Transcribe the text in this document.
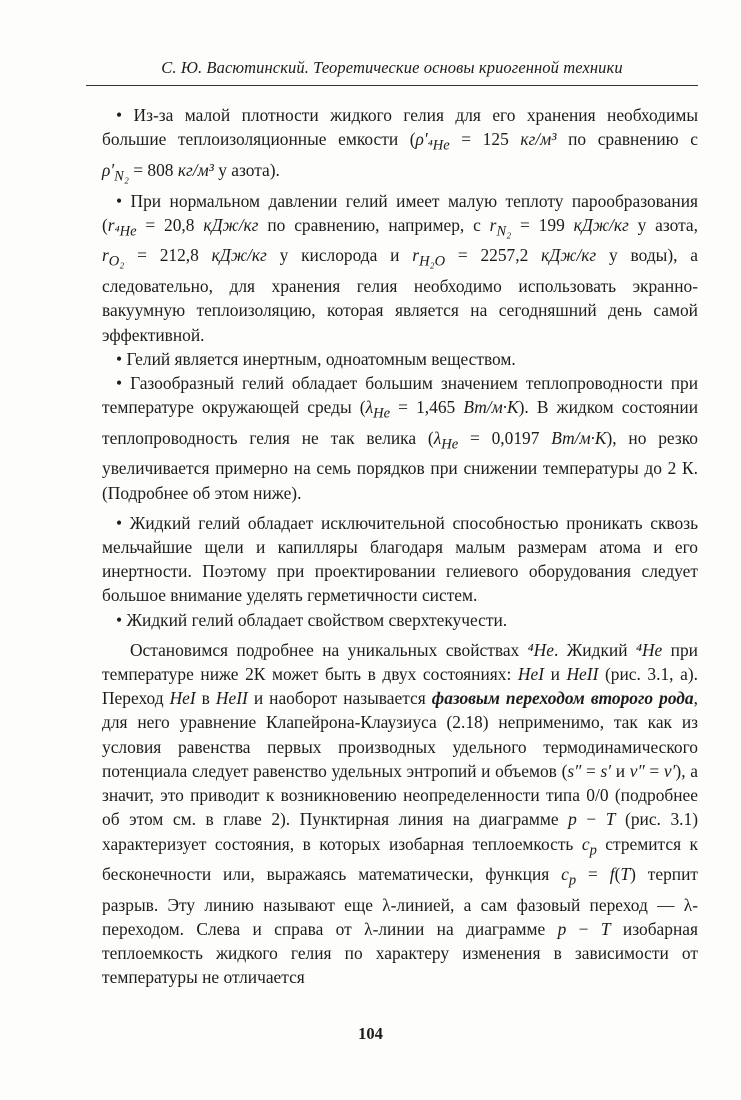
С. Ю. Васютинский. Теоретические основы криогенной техники

• Из-за малой плотности жидкого гелия для его хранения необходимы большие теплоизоляционные емкости ($\rho'_{^4He} = 125$ кг/м³ по сравнению с $\rho'_{N_2} = 808$ кг/м³ у азота).

• При нормальном давлении гелий имеет малую теплоту парообразования ($r_{^4He} = 20,8$ кДж/кг по сравнению, например, с $r_{N_2} = 199$ кДж/кг у азота, $r_{O_2} = 212,8$ кДж/кг у кислорода и $r_{H_2O} = 2257,2$ кДж/кг у воды), а следовательно, для хранения гелия необходимо использовать экранно-вакуумную теплоизоляцию, которая является на сегодняшний день самой эффективной.

• Гелий является инертным, одноатомным веществом.

• Газообразный гелий обладает большим значением теплопроводности при температуре окружающей среды ($\lambda_{He} = 1,465$ Вт/м·К). В жидком состоянии теплопроводность гелия не так велика ($\lambda_{He} = 0,0197$ Вт/м·К), но резко увеличивается примерно на семь порядков при снижении температуры до 2 К. (Подробнее об этом ниже).

• Жидкий гелий обладает исключительной способностью проникать сквозь мельчайшие щели и капилляры благодаря малым размерам атома и его инертности. Поэтому при проектировании гелиевого оборудования следует большое внимание уделять герметичности систем.

• Жидкий гелий обладает свойством сверхтекучести.

Остановимся подробнее на уникальных свойствах ⁴He. Жидкий ⁴He при температуре ниже 2К может быть в двух состояниях: HeI и HeII (рис. 3.1, а). Переход HeI в HeII и наоборот называется фазовым переходом второго рода, для него уравнение Клапейрона-Клаузиуса (2.18) неприменимо, так как из условия равенства первых производных удельного термодинамического потенциала следует равенство удельных энтропий и объемов (s″ = s′ и v″ = v′), а значит, это приводит к возникновению неопределенности типа 0/0 (подробнее об этом см. в главе 2). Пунктирная линия на диаграмме p − T (рис. 3.1) характеризует состояния, в которых изобарная теплоемкость $c_p$ стремится к бесконечности или, выражаясь математически, функция $c_p = f(T)$ терпит разрыв. Эту линию называют еще λ-линией, а сам фазовый переход — λ-переходом. Слева и справа от λ-линии на диаграмме p − T изобарная теплоемкость жидкого гелия по характеру изменения в зависимости от температуры не отличается

104
